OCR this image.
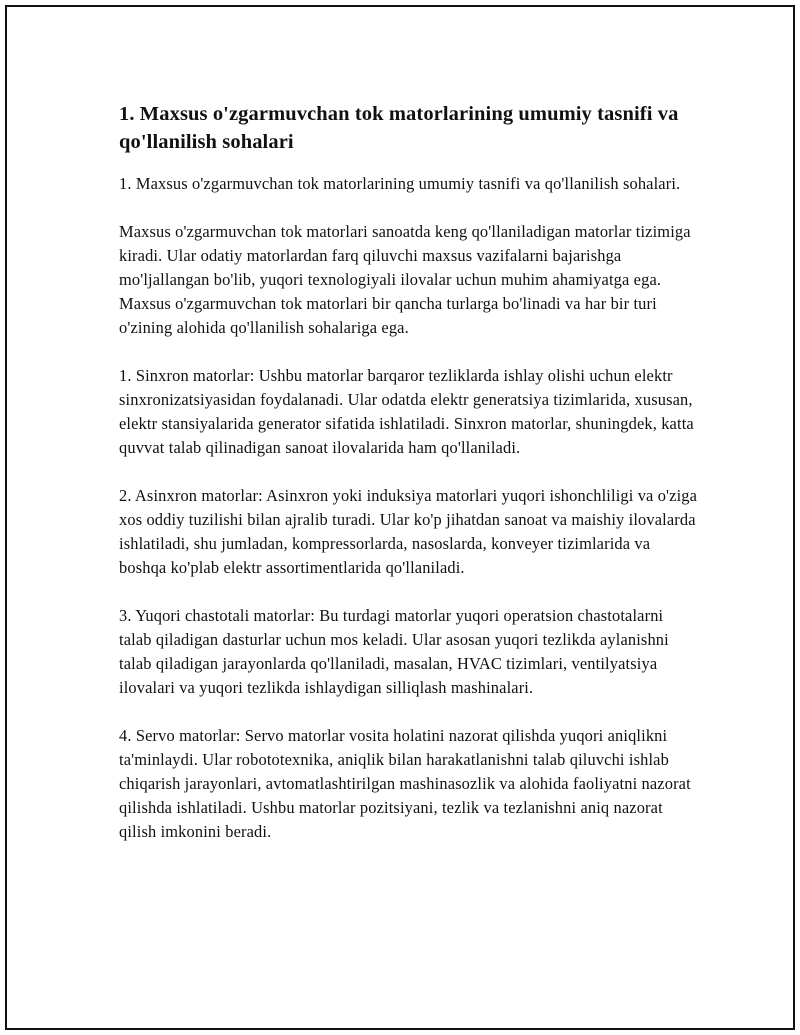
1. Maxsus o'zgarmuvchan tok matorlarining umumiy tasnifi va qo'llanilish sohalari

1. Maxsus o'zgarmuvchan tok matorlarining umumiy tasnifi va qo'llanilish sohalari.

Maxsus o'zgarmuvchan tok matorlari sanoatda keng qo'llaniladigan matorlar tizimiga kiradi. Ular odatiy matorlardan farq qiluvchi maxsus vazifalarni bajarishga mo'ljallangan bo'lib, yuqori texnologiyali ilovalar uchun muhim ahamiyatga ega. Maxsus o'zgarmuvchan tok matorlari bir qancha turlarga bo'linadi va har bir turi o'zining alohida qo'llanilish sohalariga ega.

1. Sinxron matorlar: Ushbu matorlar barqaror tezliklarda ishlay olishi uchun elektr sinxronizatsiyasidan foydalanadi. Ular odatda elektr generatsiya tizimlarida, xususan, elektr stansiyalarida generator sifatida ishlatiladi. Sinxron matorlar, shuningdek, katta quvvat talab qilinadigan sanoat ilovalarida ham qo'llaniladi.

2. Asinxron matorlar: Asinxron yoki induksiya matorlari yuqori ishonchliligi va o'ziga xos oddiy tuzilishi bilan ajralib turadi. Ular ko'p jihatdan sanoat va maishiy ilovalarda ishlatiladi, shu jumladan, kompressorlarda, nasoslarda, konveyer tizimlarida va boshqa ko'plab elektr assortimentlarida qo'llaniladi.

3. Yuqori chastotali matorlar: Bu turdagi matorlar yuqori operatsion chastotalarni talab qiladigan dasturlar uchun mos keladi. Ular asosan yuqori tezlikda aylanishni talab qiladigan jarayonlarda qo'llaniladi, masalan, HVAC tizimlari, ventilyatsiya ilovalari va yuqori tezlikda ishlaydigan silliqlash mashinalari.

4. Servo matorlar: Servo matorlar vosita holatini nazorat qilishda yuqori aniqlikni ta'minlaydi. Ular robototexnika, aniqlik bilan harakatlanishni talab qiluvchi ishlab chiqarish jarayonlari, avtomatlashtirilgan mashinasozlik va alohida faoliyatni nazorat qilishda ishlatiladi. Ushbu matorlar pozitsiyani, tezlik va tezlanishni aniq nazorat qilish imkonini beradi.
